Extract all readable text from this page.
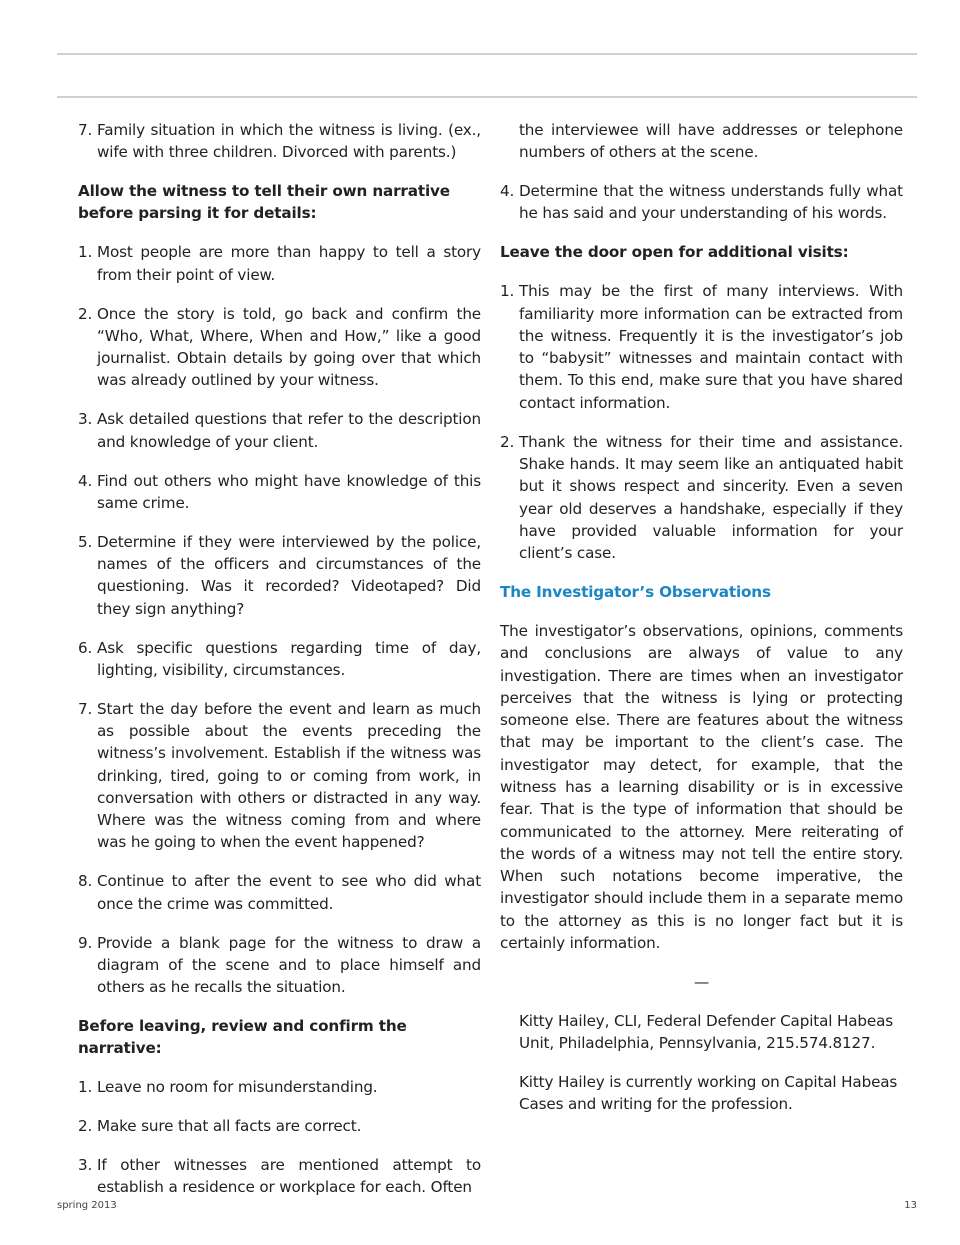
7. Family situation in which the witness is living. (ex., wife with three children. Divorced with parents.)
Allow the witness to tell their own narrative before parsing it for details:
1. Most people are more than happy to tell a story from their point of view.
2. Once the story is told, go back and confirm the “Who, What, Where, When and How,” like a good journalist. Obtain details by going over that which was already outlined by your witness.
3. Ask detailed questions that refer to the description and knowledge of your client.
4. Find out others who might have knowledge of this same crime.
5. Determine if they were interviewed by the police, names of the officers and circumstances of the questioning. Was it recorded? Videotaped? Did they sign anything?
6. Ask specific questions regarding time of day, lighting, visibility, circumstances.
7. Start the day before the event and learn as much as possible about the events preceding the witness’s involvement. Establish if the witness was drinking, tired, going to or coming from work, in conversation with others or distracted in any way. Where was the witness coming from and where was he going to when the event happened?
8. Continue to after the event to see who did what once the crime was committed.
9. Provide a blank page for the witness to draw a diagram of the scene and to place himself and others as he recalls the situation.
Before leaving, review and confirm the narrative:
1. Leave no room for misunderstanding.
2. Make sure that all facts are correct.
3. If other witnesses are mentioned attempt to establish a residence or workplace for each. Often
the interviewee will have addresses or telephone numbers of others at the scene.
4. Determine that the witness understands fully what he has said and your understanding of his words.
Leave the door open for additional visits:
1. This may be the first of many interviews. With familiarity more information can be extracted from the witness. Frequently it is the investigator’s job to “babysit” witnesses and maintain contact with them. To this end, make sure that you have shared contact information.
2. Thank the witness for their time and assistance. Shake hands. It may seem like an antiquated habit but it shows respect and sincerity. Even a seven year old deserves a handshake, especially if they have provided valuable information for your client’s case.
The Investigator’s Observations

The investigator’s observations, opinions, comments and conclusions are always of value to any investigation. There are times when an investigator perceives that the witness is lying or protecting someone else. There are features about the witness that may be important to the client’s case. The investigator may detect, for example, that the witness has a learning disability or is in excessive fear. That is the type of information that should be communicated to the attorney. Mere reiterating of the words of a witness may not tell the entire story. When such notations become imperative, the investigator should include them in a separate memo to the attorney as this is no longer fact but it is certainly information.

—

Kitty Hailey, CLI, Federal Defender Capital Habeas Unit, Philadelphia, Pennsylvania, 215.574.8127.

Kitty Hailey is currently working on Capital Habeas Cases and writing for the profession.

spring 2013	13
